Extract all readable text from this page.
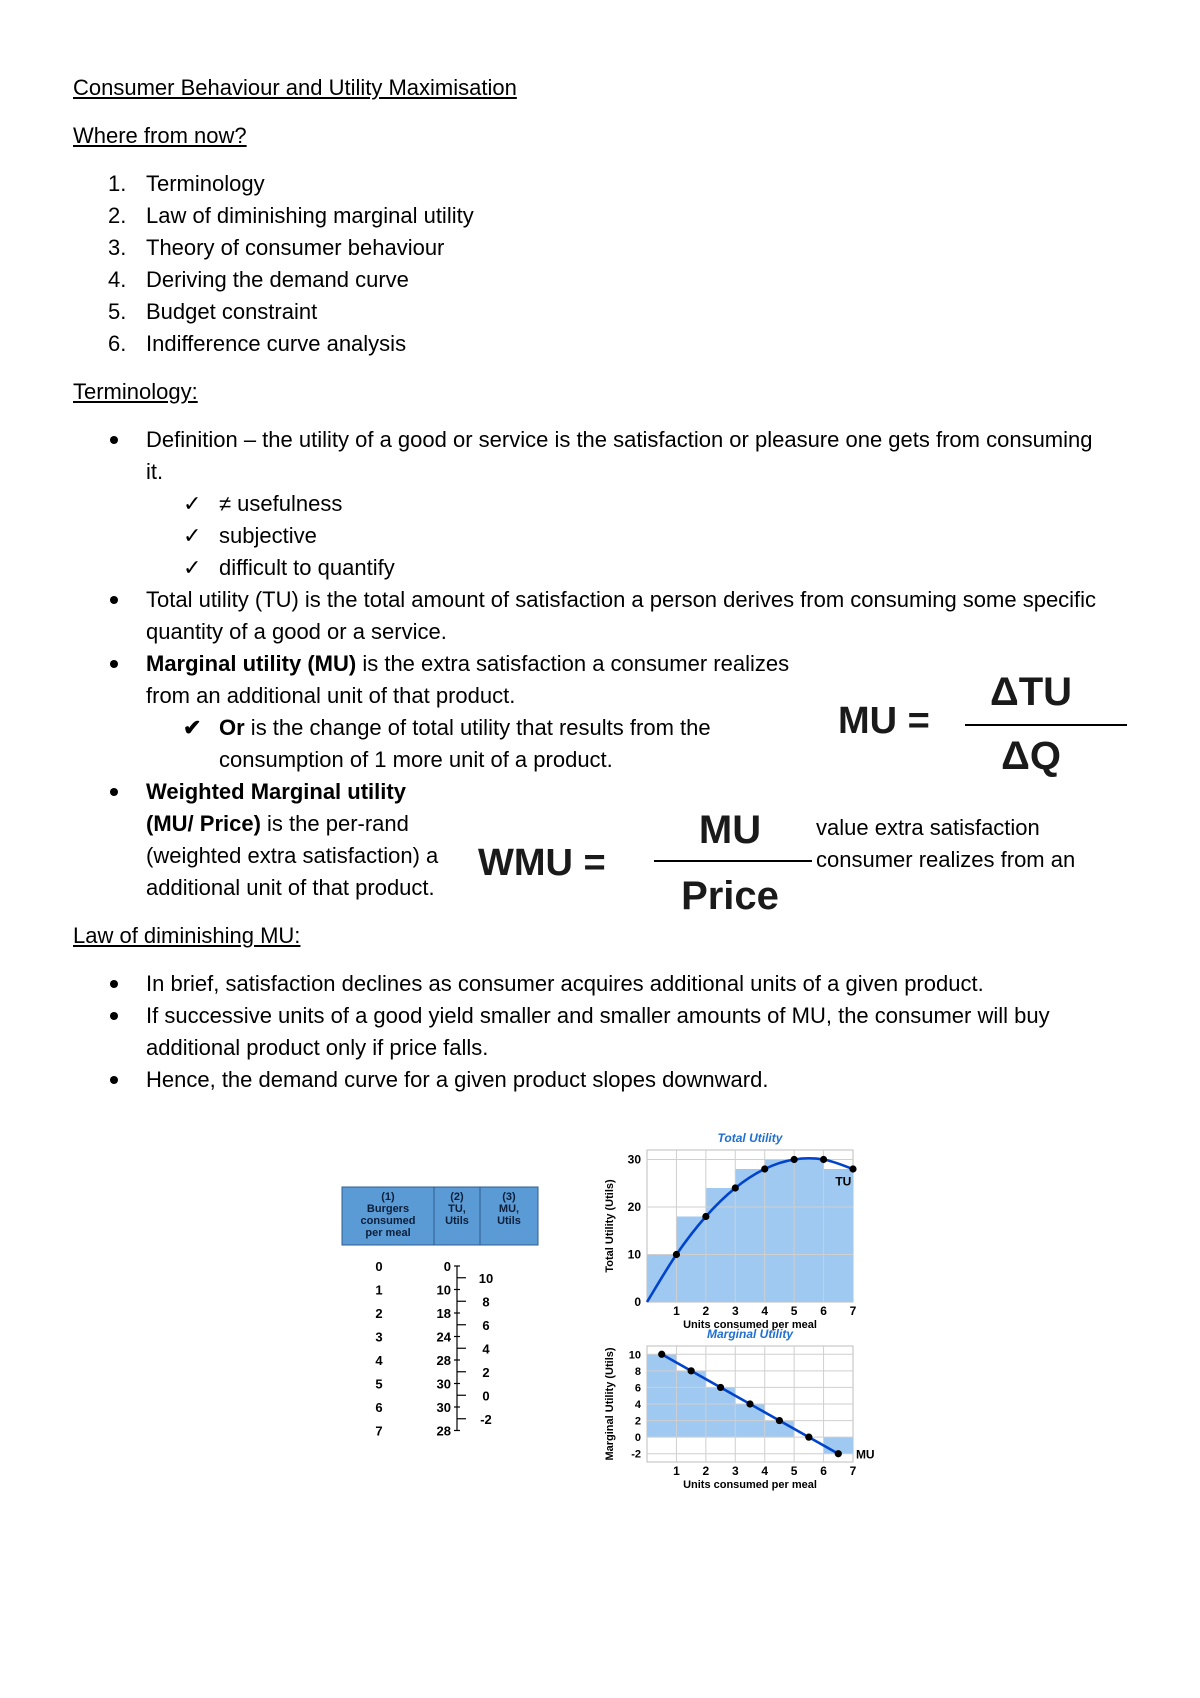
Consumer Behaviour and Utility Maximisation
Where from now?
1. Terminology
2. Law of diminishing marginal utility
3. Theory of consumer behaviour
4. Deriving the demand curve
5. Budget constraint
6. Indifference curve analysis
Terminology:
Definition – the utility of a good or service is the satisfaction or pleasure one gets from consuming
it.
✓ ≠ usefulness
✓ subjective
✓ difficult to quantify
Total utility (TU) is the total amount of satisfaction a person derives from consuming some specific
quantity of a good or a service.
Marginal utility (MU) is the extra satisfaction a consumer realizes
from an additional unit of that product.
✔ Or is the change of total utility that results from the
consumption of 1 more unit of a product.
MU =
ΔTU
ΔQ
Weighted Marginal utility
(MU/ Price) is the per-rand
(weighted extra satisfaction) a
additional unit of that product.
value extra satisfaction
consumer realizes from an
WMU =
MU
Price
Law of diminishing MU:
In brief, satisfaction declines as consumer acquires additional units of a given product.
If successive units of a good yield smaller and smaller amounts of MU, the consumer will buy
additional product only if price falls.
Hence, the demand curve for a given product slopes downward.
(1)
Burgers
consumed
per meal
(2)
TU,
Utils
(3)
MU,
Utils
0
1
2
3
4
5
6
7
0
10
18
24
28
30
30
28
10
8
6
4
2
0
-2
Total Utility
TU
0
10
20
30
1 2 3 4 5 6 7
Units consumed per meal
Total Utility (Utils)
Marginal Utility
MU
10
8
6
4
2
0
-2
1 2 3 4 5 6 7
Units consumed per meal
Marginal Utility (Utils)
